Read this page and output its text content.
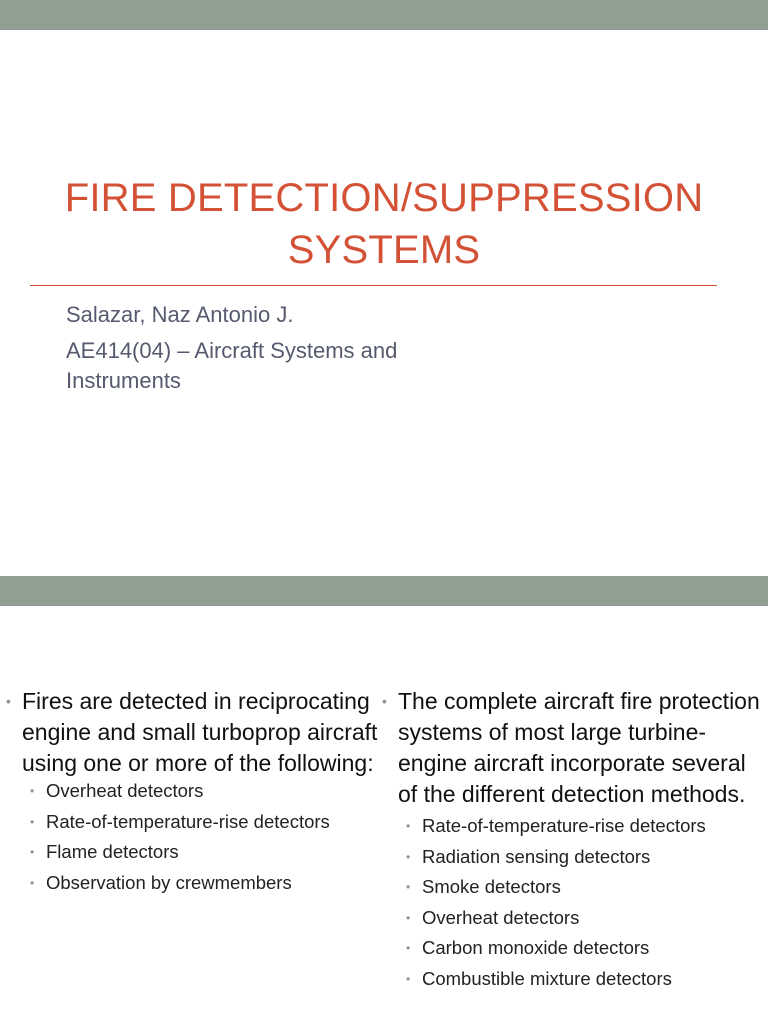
FIRE DETECTION/SUPPRESSION SYSTEMS
Salazar, Naz Antonio J.
AE414(04) – Aircraft Systems and Instruments
• Fires are detected in reciprocating engine and small turboprop aircraft using one or more of the following:
• Overheat detectors
• Rate-of-temperature-rise detectors
• Flame detectors
• Observation by crewmembers
• The complete aircraft fire protection systems of most large turbine-engine aircraft incorporate several of the different detection methods.
• Rate-of-temperature-rise detectors
• Radiation sensing detectors
• Smoke detectors
• Overheat detectors
• Carbon monoxide detectors
• Combustible mixture detectors
